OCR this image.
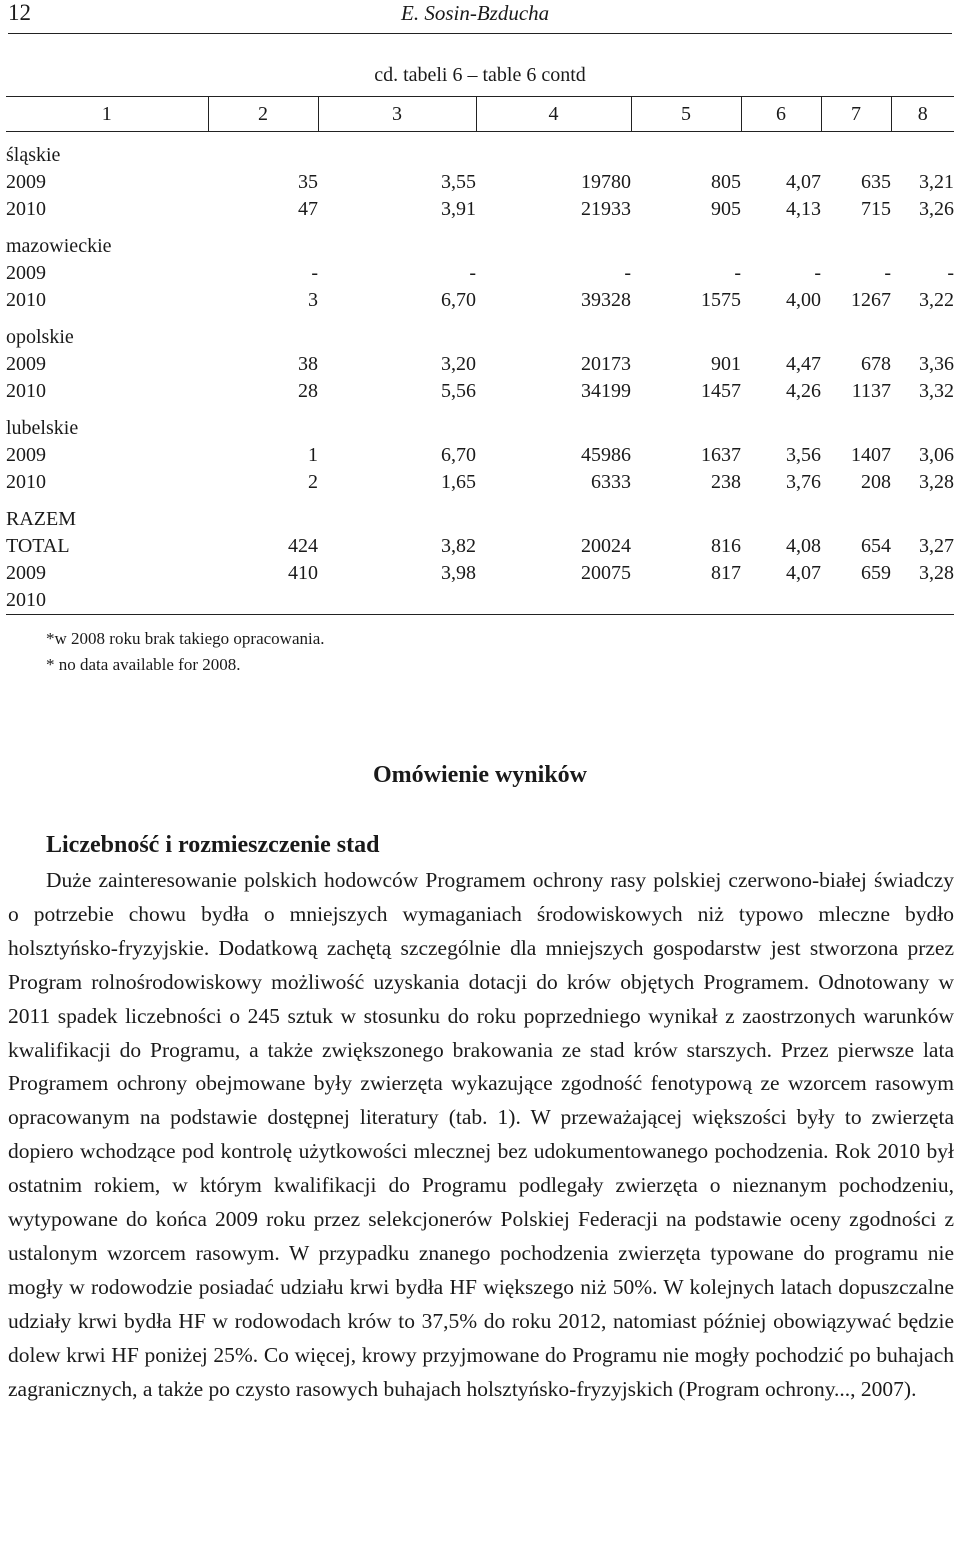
12	E. Sosin-Bzducha
cd. tabeli 6 – table 6 contd
1	2	3	4	5	6	7	8
śląskie							
2009	35	3,55	19780	805	4,07	635	3,21
2010	47	3,91	21933	905	4,13	715	3,26
mazowieckie							
2009	-	-	-	-	-	-	-
2010	3	6,70	39328	1575	4,00	1267	3,22
opolskie							
2009	38	3,20	20173	901	4,47	678	3,36
2010	28	5,56	34199	1457	4,26	1137	3,32
lubelskie							
2009	1	6,70	45986	1637	3,56	1407	3,06
2010	2	1,65	6333	238	3,76	208	3,28
RAZEM							
TOTAL	424	3,82	20024	816	4,08	654	3,27
2009	410	3,98	20075	817	4,07	659	3,28
2010							

*w 2008 roku brak takiego opracowania.
* no data available for 2008.
Omówienie wyników
Liczebność i rozmieszczenie stad

Duże zainteresowanie polskich hodowców Programem ochrony rasy polskiej czerwono-białej świadczy o potrzebie chowu bydła o mniejszych wymaganiach środowiskowych niż typowo mleczne bydło holsztyńsko-fryzyjskie. Dodatkową zachętą szczególnie dla mniejszych gospodarstw jest stworzona przez Program rolnośrodowiskowy możliwość uzyskania dotacji do krów objętych Programem. Odnotowany w 2011 spadek liczebności o 245 sztuk w stosunku do roku poprzedniego wynikał z zaostrzonych warunków kwalifikacji do Programu, a także zwiększonego brakowania ze stad krów starszych. Przez pierwsze lata Programem ochrony obejmowane były zwierzęta wykazujące zgodność fenotypową ze wzorcem rasowym opracowanym na podstawie dostępnej literatury (tab. 1). W przeważającej większości były to zwierzęta dopiero wchodzące pod kontrolę użytkowości mlecznej bez udokumentowanego pochodzenia. Rok 2010 był ostatnim rokiem, w którym kwalifikacji do Programu podlegały zwierzęta o nieznanym pochodzeniu, wytypowane do końca 2009 roku przez selekcjonerów Polskiej Federacji na podstawie oceny zgodności z ustalonym wzorcem rasowym. W przypadku znanego pochodzenia zwierzęta typowane do programu nie mogły w rodowodzie posiadać udziału krwi bydła HF większego niż 50%. W kolejnych latach dopuszczalne udziały krwi bydła HF w rodowodach krów to 37,5% do roku 2012, natomiast później obowiązywać będzie dolew krwi HF poniżej 25%. Co więcej, krowy przyjmowane do Programu nie mogły pochodzić po buhajach zagranicznych, a także po czysto rasowych buhajach holsztyńsko-fryzyjskich (Program ochrony..., 2007).
